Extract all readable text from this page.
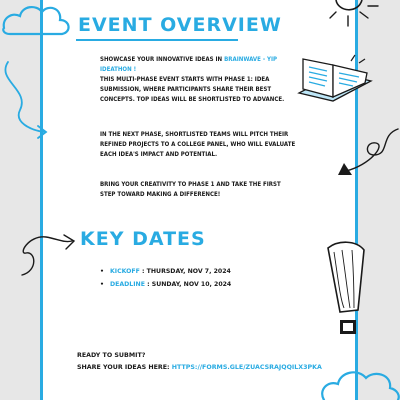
EVENT OVERVIEW

SHOWCASE YOUR INNOVATIVE IDEAS IN BRAINWAVE - YIP IDEATHON !
THIS MULTI-PHASE EVENT STARTS WITH PHASE 1: IDEA SUBMISSION, WHERE PARTICIPANTS SHARE THEIR BEST CONCEPTS. TOP IDEAS WILL BE SHORTLISTED TO ADVANCE.

IN THE NEXT PHASE, SHORTLISTED TEAMS WILL PITCH THEIR REFINED PROJECTS TO A COLLEGE PANEL, WHO WILL EVALUATE EACH IDEA'S IMPACT AND POTENTIAL.

BRING YOUR CREATIVITY TO PHASE 1 AND TAKE THE FIRST STEP TOWARD MAKING A DIFFERENCE!

KEY DATES
• KICKOFF : THURSDAY, NOV 7, 2024
• DEADLINE : SUNDAY, NOV 10, 2024

READY TO SUBMIT?
SHARE YOUR IDEAS HERE: HTTPS://FORMS.GLE/ZUACSRAJQQILX3PKA
